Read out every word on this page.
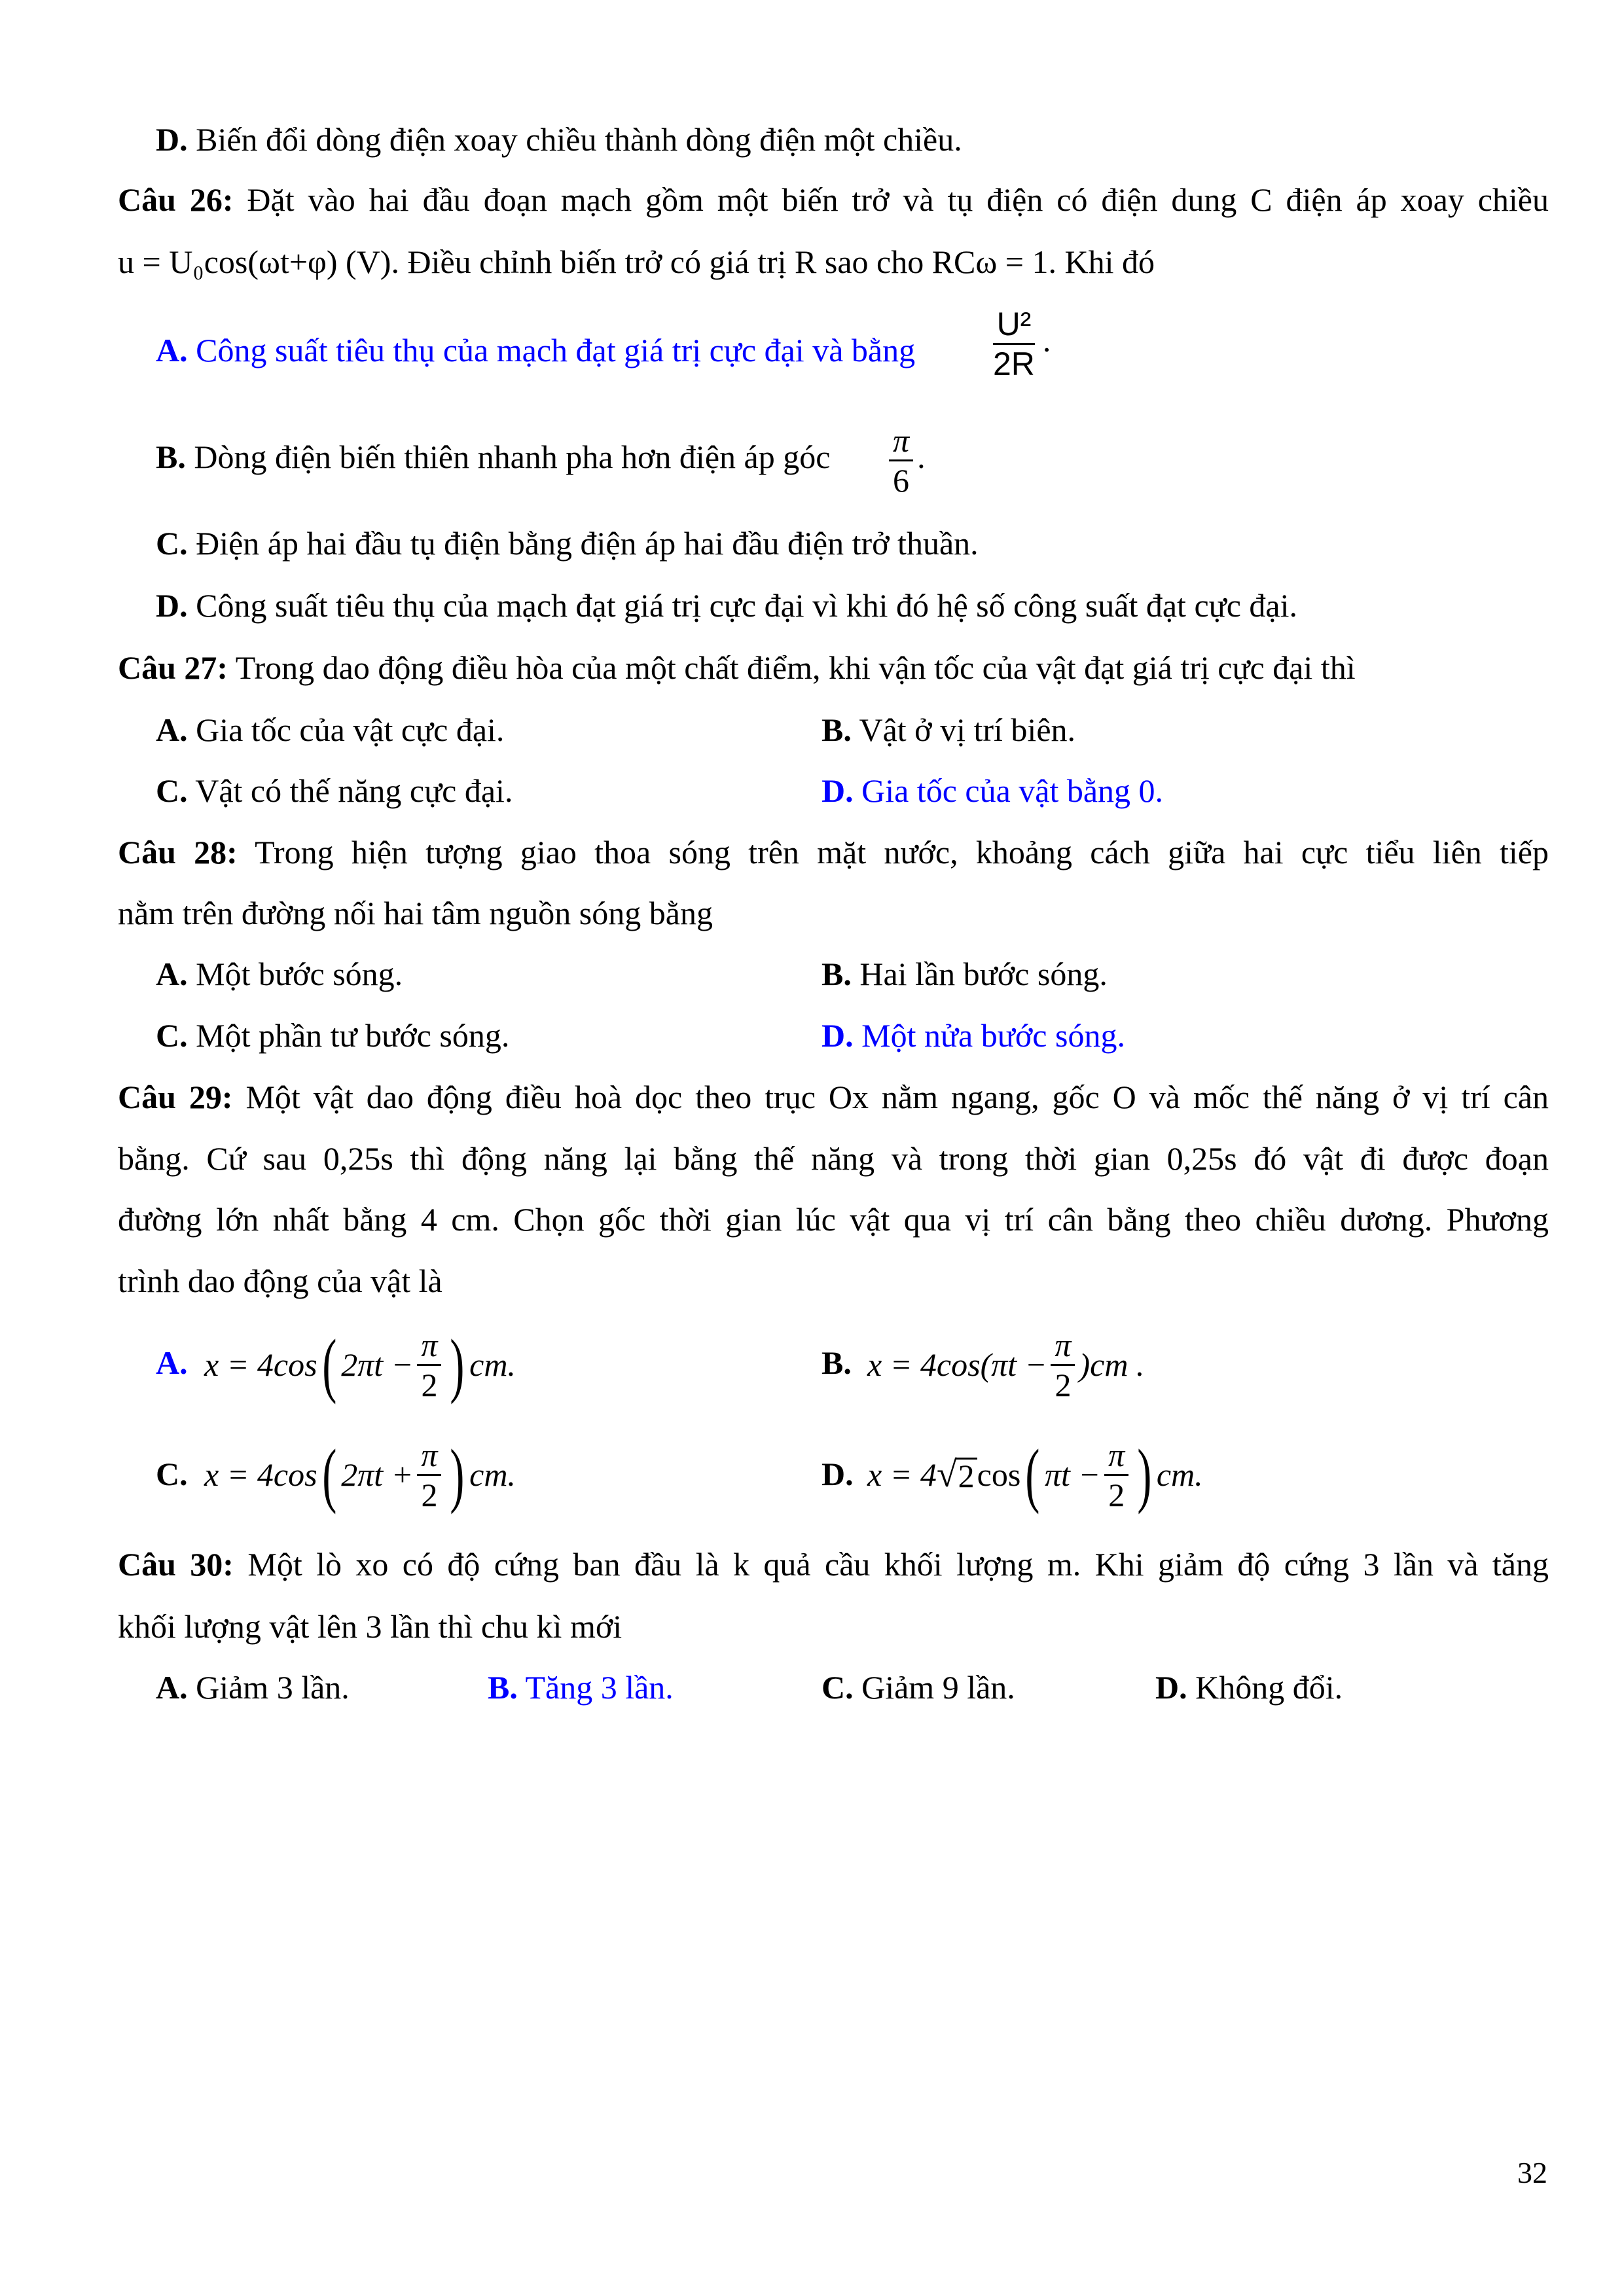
D. Biến đổi dòng điện xoay chiều thành dòng điện một chiều.
Câu 26: Đặt vào hai đầu đoạn mạch gồm một biến trở và tụ điện có điện dung C điện áp xoay chiều
u = U₀cos(ωt+φ) (V). Điều chỉnh biến trở có giá trị R sao cho RCω = 1. Khi đó
A. Công suất tiêu thụ của mạch đạt giá trị cực đại và bằng $\frac{\text{U²}}{2R}$ .
B. Dòng điện biến thiên nhanh pha hơn điện áp góc $\frac{\pi}{6}$ .
C. Điện áp hai đầu tụ điện bằng điện áp hai đầu điện trở thuần.
D. Công suất tiêu thụ của mạch đạt giá trị cực đại vì khi đó hệ số công suất đạt cực đại.
Câu 27: Trong dao động điều hòa của một chất điểm, khi vận tốc của vật đạt giá trị cực đại thì
A. Gia tốc của vật cực đại.	B. Vật ở vị trí biên.
C. Vật có thế năng cực đại.	D. Gia tốc của vật bằng 0.
Câu 28: Trong hiện tượng giao thoa sóng trên mặt nước, khoảng cách giữa hai cực tiểu liên tiếp
nằm trên đường nối hai tâm nguồn sóng bằng
A. Một bước sóng.	B. Hai lần bước sóng.
C. Một phần tư bước sóng.	D. Một nửa bước sóng.
Câu 29: Một vật dao động điều hoà dọc theo trục Ox nằm ngang, gốc O và mốc thế năng ở vị trí cân
bằng. Cứ sau 0,25s thì động năng lại bằng thế năng và trong thời gian 0,25s đó vật đi được đoạn
đường lớn nhất bằng 4 cm. Chọn gốc thời gian lúc vật qua vị trí cân bằng theo chiều dương. Phương
trình dao động của vật là
A. x = 4cos ( $2\pi t - \frac{\pi}{2}$ ) cm.	B. $x = 4\cos(\pi t - \frac{\pi}{2} )cm$ .
C. x = 4cos ( $2\pi t + \frac{\pi}{2}$ ) cm.	D. x = 4 √ 2 cos ( $\pi t - \frac{\pi}{2}$ ) cm.
Câu 30: Một lò xo có độ cứng ban đầu là k quả cầu khối lượng m. Khi giảm độ cứng 3 lần và tăng
khối lượng vật lên 3 lần thì chu kì mới
A. Giảm 3 lần.	B. Tăng 3 lần.	C. Giảm 9 lần.	D. Không đổi.
32
